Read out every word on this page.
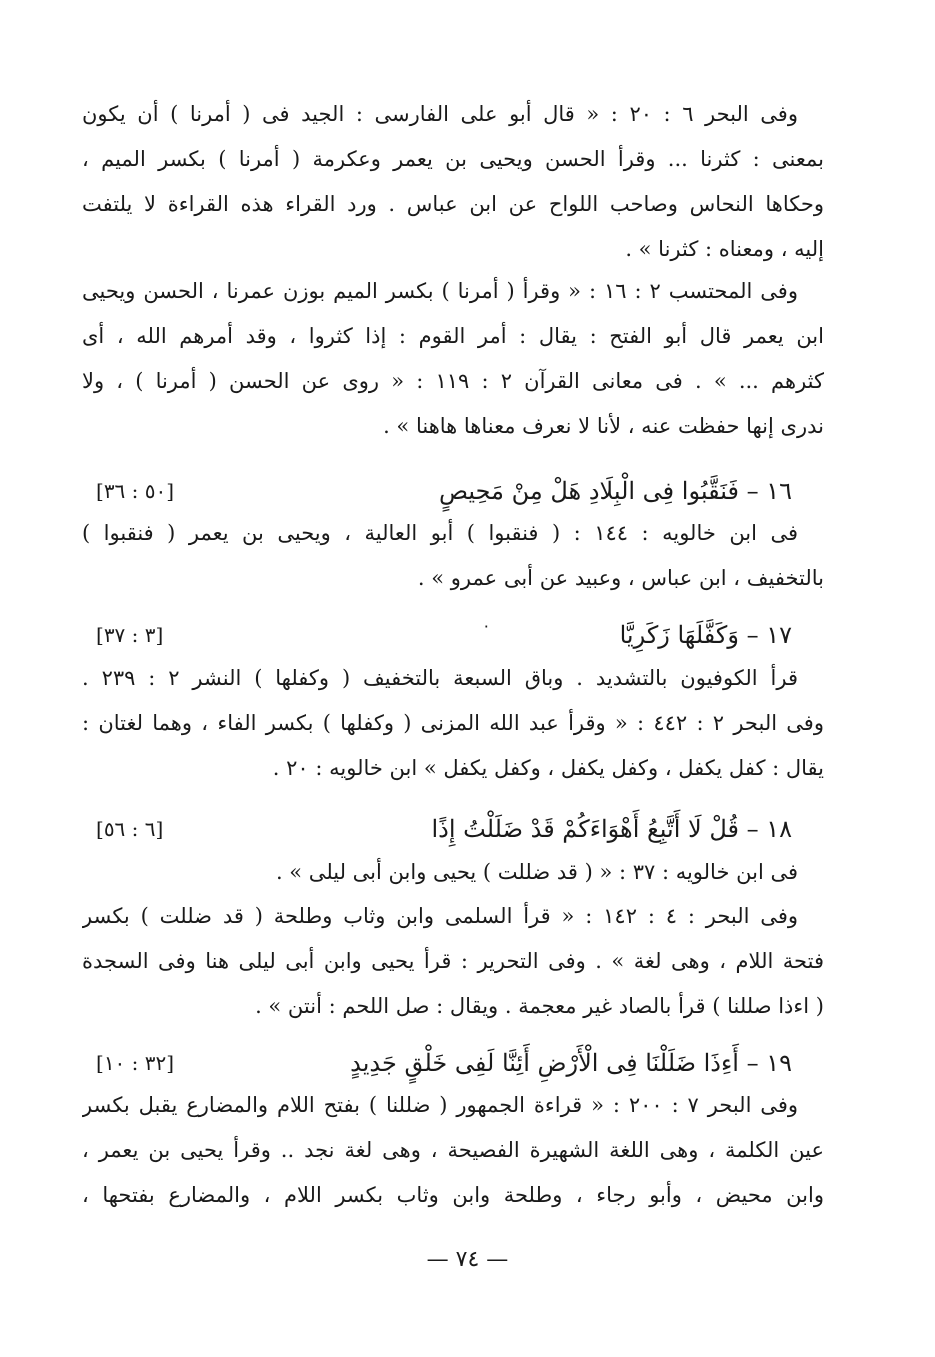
وفى البحر ٦ : ٢٠ : « قال أبو على الفارسى : الجيد فى ( أمرنا ) أن يكون
بمعنى : كثرنا ... وقرأ الحسن ويحيى بن يعمر وعكرمة ( أمرنا ) بكسر الميم ،
وحكاها النحاس وصاحب اللواح عن ابن عباس . ورد القراء هذه القراءة لا يلتفت
إليه ، ومعناه : كثرنا » .
وفى المحتسب ٢ : ١٦ : « وقرأ ( أمرنا ) بكسر الميم بوزن عمرنا ، الحسن ويحيى
ابن يعمر قال أبو الفتح : يقال : أمر القوم : إذا كثروا ، وقد أمرهم الله ، أى
كثرهم ... » . فى معانى القرآن ٢ : ١١٩ : « روى عن الحسن ( أمرنا ) ، ولا
ندرى إنها حفظت عنه ، لأنا لا نعرف معناها هاهنا » .
١٦ – فَنَقَّبُوا فِى الْبِلَادِ هَلْ مِنْ مَحِيصٍ
[٥٠ : ٣٦]
فى ابن خالويه : ١٤٤ : ( فنقبوا ) أبو العالية ، ويحيى بن يعمر ( فنقبوا )
بالتخفيف ، ابن عباس ، وعبيد عن أبى عمرو » .
١٧ – وَكَفَّلَهَا زَكَرِيَّا
[٣ : ٣٧]	٠
قرأ الكوفيون بالتشديد . وباق السبعة بالتخفيف ( وكفلها ) النشر ٢ : ٢٣٩ .
وفى البحر ٢ : ٤٤٢ : « وقرأ عبد الله المزنى ( وكفلها ) بكسر الفاء ، وهما لغتان :
يقال : كفل يكفل ، وكفل يكفل ، وكفل يكفل » ابن خالويه : ٢٠ .
١٨ – قُلْ لَا أَتَّبِعُ أَهْوَاءَكُمْ قَدْ ضَلَلْتُ إِذًا
[٦ : ٥٦]
فى ابن خالويه : ٣٧ : « ( قد ضللت ) يحيى وابن أبى ليلى » .
وفى البحر : ٤ : ١٤٢ : « قرأ السلمى وابن وثاب وطلحة ( قد ضللت ) بكسر
فتحة اللام ، وهى لغة » . وفى التحرير : قرأ يحيى وابن أبى ليلى هنا وفى السجدة
( اءذا صللنا ) قرأ بالصاد غير معجمة . ويقال : صل اللحم : أنتن » .
١٩ – أَءِذَا ضَلَلْنَا فِى الْأَرْضِ أَئِنَّا لَفِى خَلْقٍ جَدِيدٍ
[٣٢ : ١٠]
وفى البحر ٧ : ٢٠٠ : « قراءة الجمهور ( ضللنا ) بفتح اللام والمضارع يقبل بكسر
عين الكلمة ، وهى اللغة الشهيرة الفصيحة ، وهى لغة نجد .. وقرأ يحيى بن يعمر ،
وابن محيض ، وأبو رجاء ، وطلحة وابن وثاب بكسر اللام ، والمضارع بفتحها ،
— ٧٤ —
